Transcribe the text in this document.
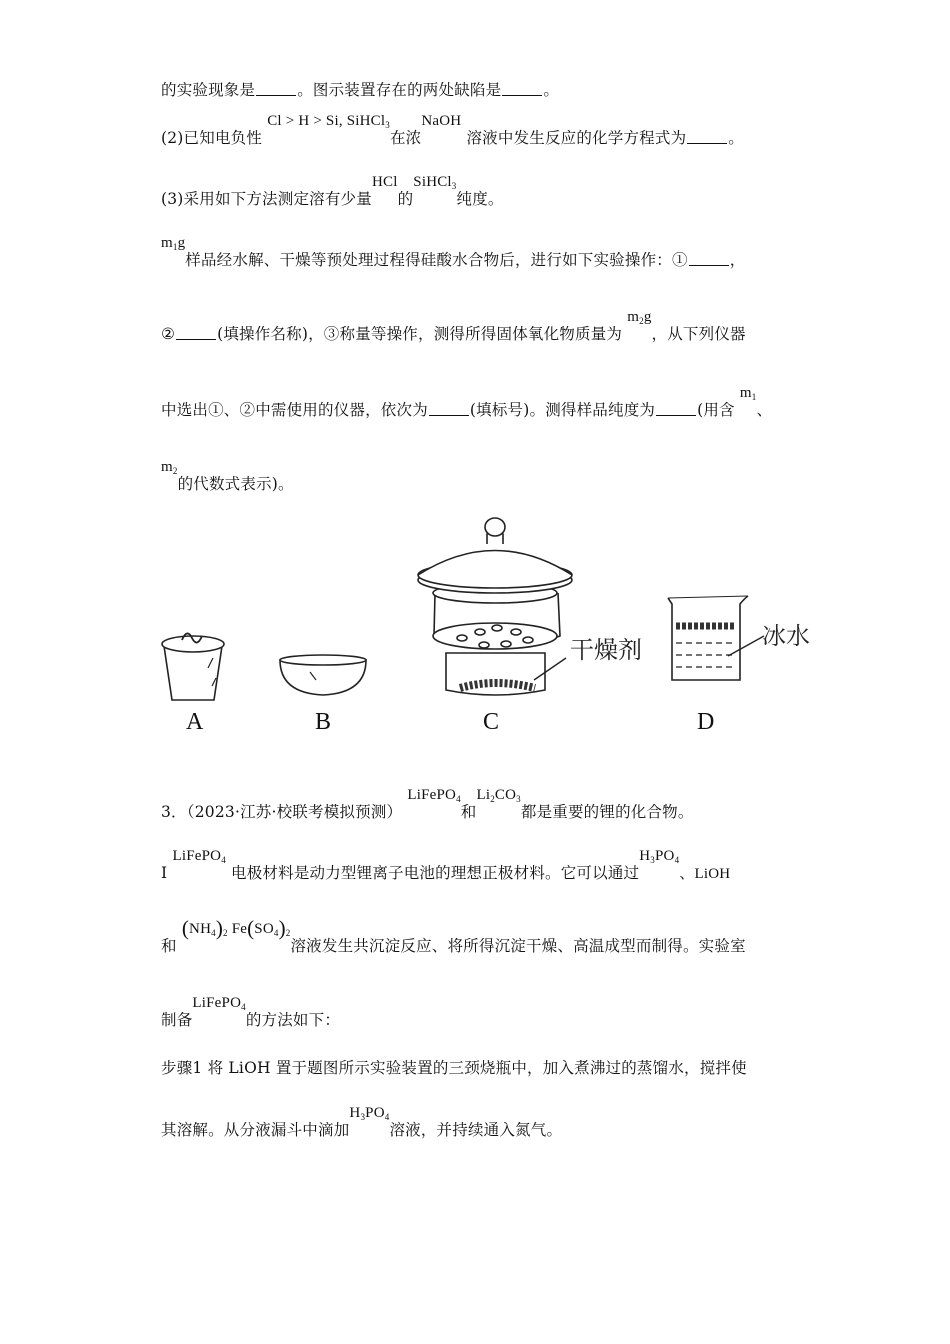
的实验现象是	。图示装置存在的两处缺陷是	。
(2)已知电负性 Cl > H > Si, SiHCl$_3$在浓NaOH 溶液中发生反应的化学方程式为	。
(3)采用如下方法测定溶有少量HCl的SiHCl$_3$纯度。
$m_1g$样品经水解、干燥等预处理过程得硅酸水合物后，进行如下实验操作：①	，
②	(填操作名称)，③称量等操作，测得所得固体氧化物质量为 $m_2g$，从下列仪器
中选出①、②中需使用的仪器，依次为	(填标号)。测得样品纯度为	(用含 $m_1$、
$m_2$的代数式表示)。
干燥剂	冰水
A	B	C	D
3．（2023·江苏·校联考模拟预测） LiFePO$_4$和$Li_2CO_3$都是重要的锂的化合物。
I LiFePO$_4$ 电极材料是动力型锂离子电池的理想正极材料。它可以通过$H_3PO_4$、LiOH
和 $(NH_4)_2$ $Fe(SO_4)_2$溶液发生共沉淀反应、将所得沉淀干燥、高温成型而制得。实验室
制备LiFePO$_4$的方法如下：
步骤1 将 LiOH 置于题图所示实验装置的三颈烧瓶中，加入煮沸过的蒸馏水，搅拌使
其溶解。从分液漏斗中滴加$H_3PO_4$溶液，并持续通入氮气。
